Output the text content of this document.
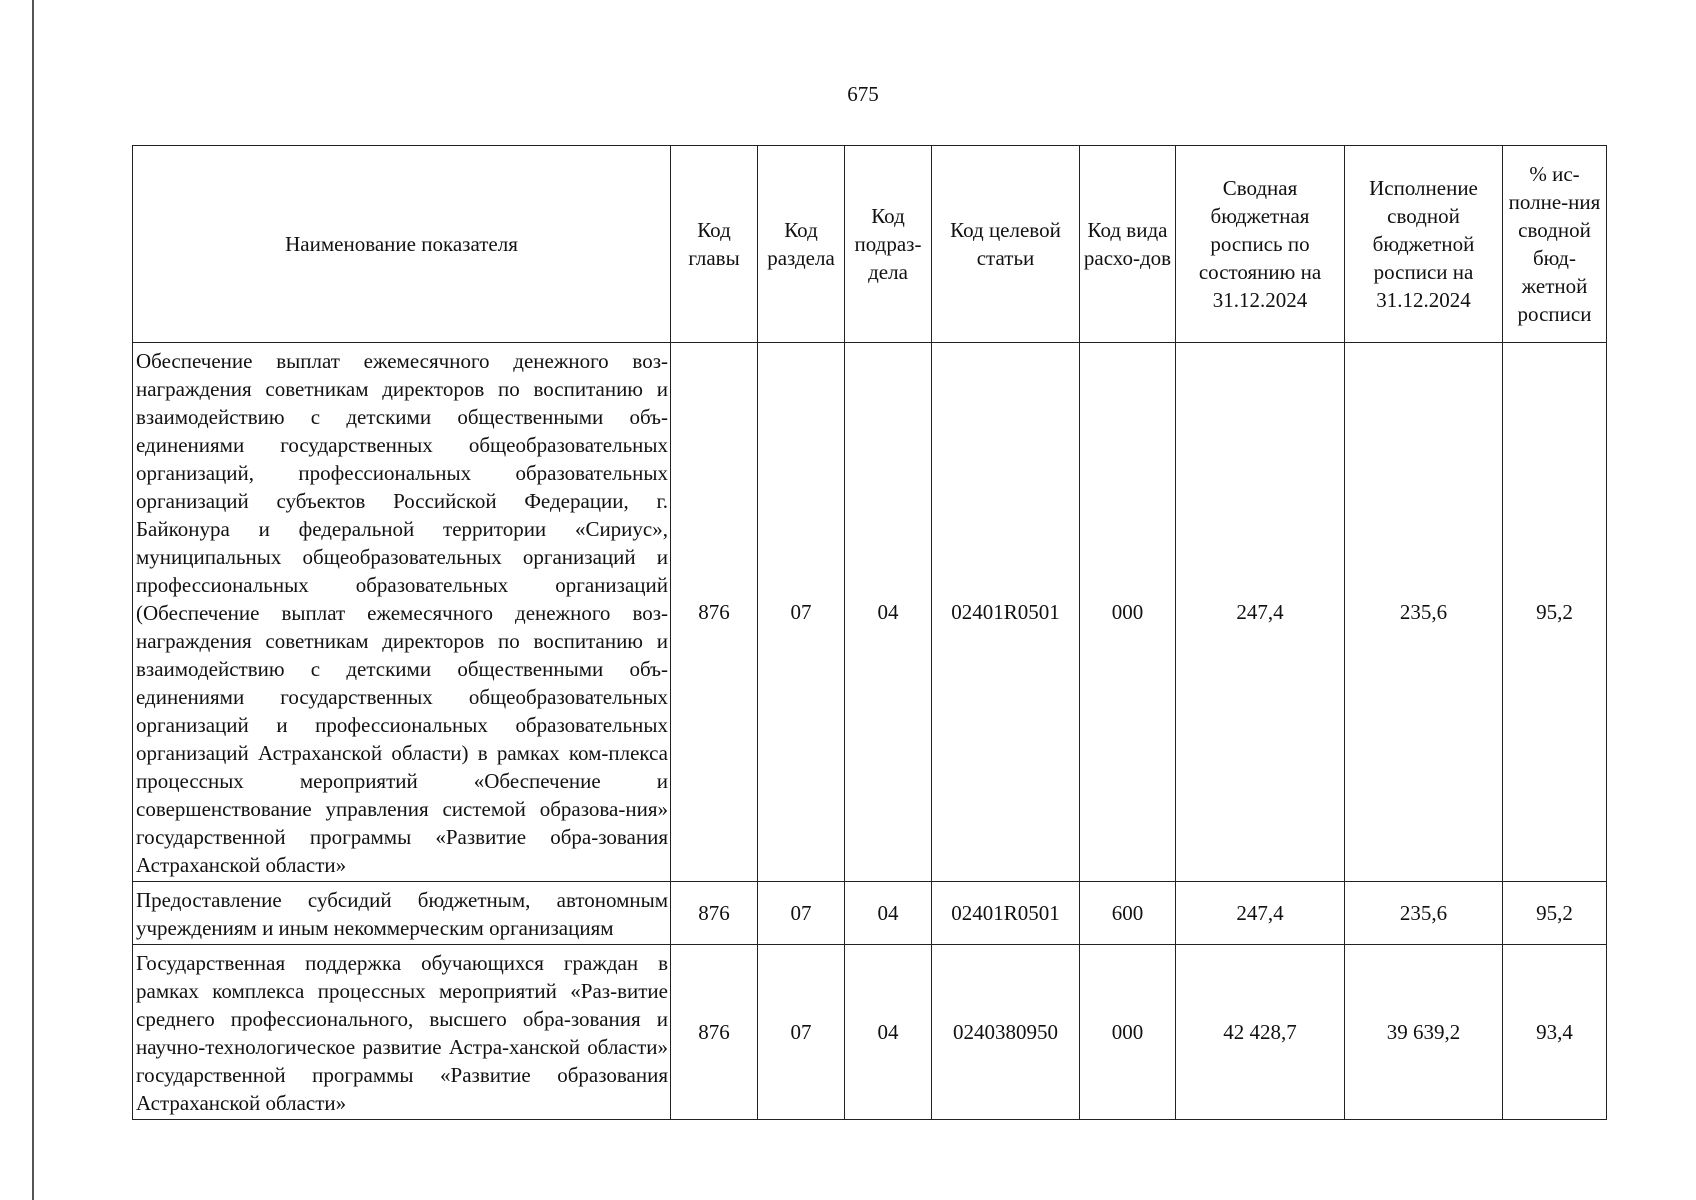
675
Наименование показателя	Код главы	Код раздела	Код подраз-дела	Код целевой статьи	Код вида расхо-дов	Сводная бюджетная роспись по состоянию на 31.12.2024	Исполнение сводной бюджетной росписи на 31.12.2024	% ис-полне-ния сводной бюд-жетной росписи
Обеспечение выплат ежемесячного денежного воз-награждения советникам директоров по воспитанию и взаимодействию с детскими общественными объ-единениями государственных общеобразовательных организаций, профессиональных образовательных организаций субъектов Российской Федерации, г. Байконура и федеральной территории «Сириус», муниципальных общеобразовательных организаций и профессиональных образовательных организаций (Обеспечение выплат ежемесячного денежного воз-награждения советникам директоров по воспитанию и взаимодействию с детскими общественными объ-единениями государственных общеобразовательных организаций и профессиональных образовательных организаций Астраханской области) в рамках ком-плекса процессных мероприятий «Обеспечение и совершенствование управления системой образова-ния» государственной программы «Развитие обра-зования Астраханской области»	876	07	04	02401R0501	000	247,4	235,6	95,2
Предоставление субсидий бюджетным, автономным учреждениям и иным некоммерческим организациям	876	07	04	02401R0501	600	247,4	235,6	95,2
Государственная поддержка обучающихся граждан в рамках комплекса процессных мероприятий «Раз-витие среднего профессионального, высшего обра-зования и научно-технологическое развитие Астра-ханской области» государственной программы «Развитие образования Астраханской области»	876	07	04	0240380950	000	42 428,7	39 639,2	93,4
